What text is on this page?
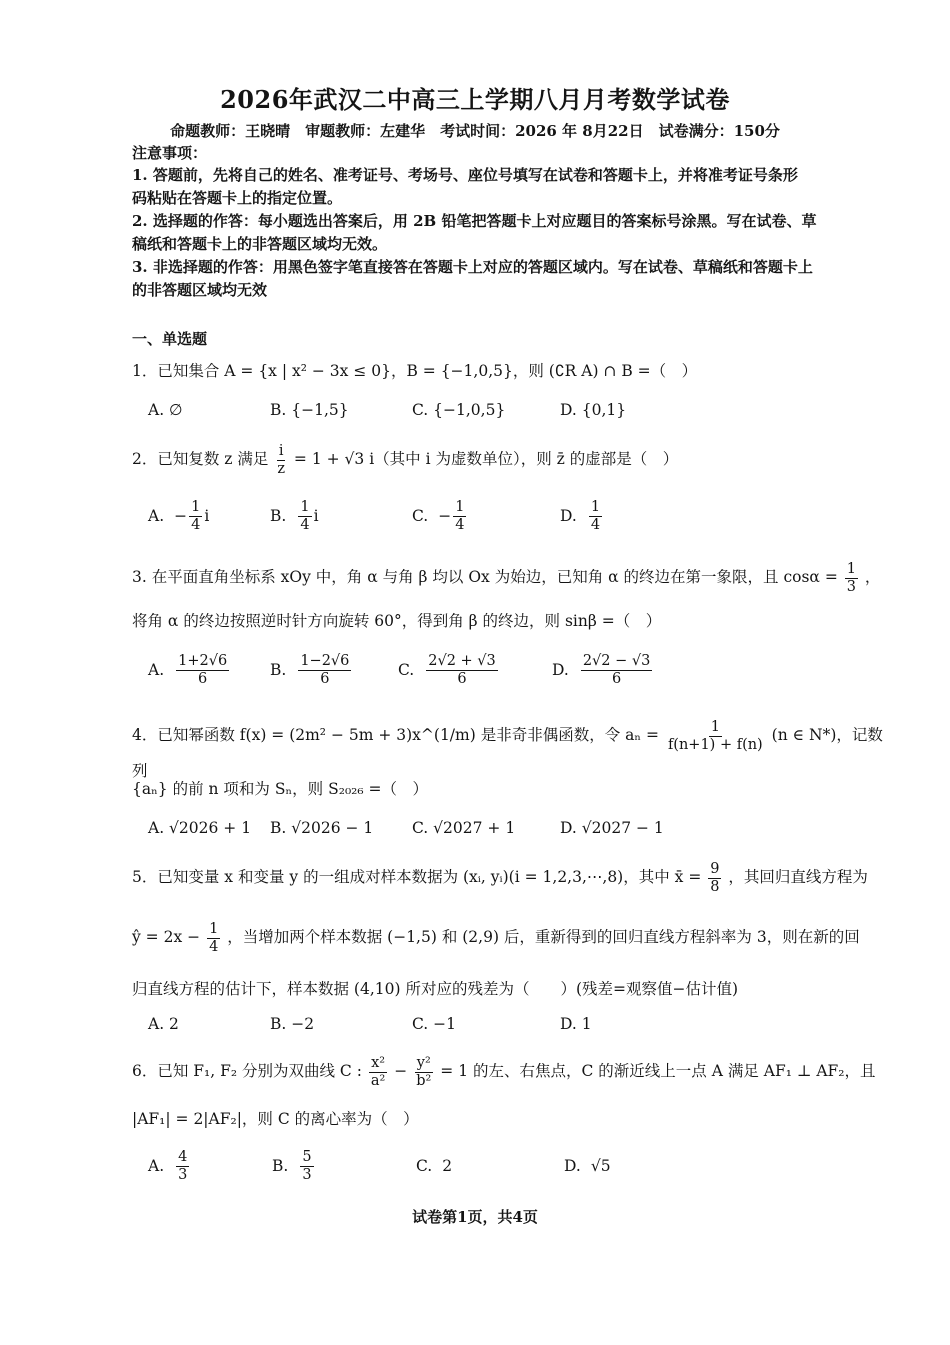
2026年武汉二中高三上学期八月月考数学试卷
命题教师：王晓晴　审题教师：左建华　考试时间：2026 年 8月22日　试卷满分：150分
注意事项：
1. 答题前，先将自己的姓名、准考证号、考场号、座位号填写在试卷和答题卡上，并将准考证号条形
码粘贴在答题卡上的指定位置。
2. 选择题的作答：每小题选出答案后，用 2B 铅笔把答题卡上对应题目的答案标号涂黑。写在试卷、草
稿纸和答题卡上的非答题区域均无效。
3. 非选择题的作答：用黑色签字笔直接答在答题卡上对应的答题区域内。写在试卷、草稿纸和答题卡上
的非答题区域均无效
一、单选题
1．已知集合 A = {x | x² − 3x ≤ 0}，B = {−1,0,5}，则 (∁R A) ∩ B =（　）
A. ∅	B. {−1,5}	C. {−1,0,5}	D. {0,1}
2．已知复数 z 满足 $\frac{i}{z} = 1 + √3$ i（其中 i 为虚数单位），则 z̄ 的虚部是（　）
A. − $\frac{1}{4}$ i	B. $\frac{1}{4}$ i	C. − $\frac{1}{4}$	D. $\frac{1}{4}$
3. 在平面直角坐标系 xOy 中，角 α 与角 β 均以 Ox 为始边，已知角 α 的终边在第一象限，且 $\cos\alpha = \frac{1}{3}$ ，
将角 α 的终边按照逆时针方向旋转 60°，得到角 β 的终边，则 sinβ =（　）
A. $\frac{1+2√6}{6}$	B. $\frac{1-2√6}{6}$	C. $\frac{2√2 + √3}{6}$	D. $\frac{2√2 - √3}{6}$
4．已知幂函数 f(x) = (2m² − 5m + 3)x^(1/m) 是非奇非偶函数，令 $a_n = \frac{1}{f(n+1) + f(n)} (n$ ∈ N*)，记数列
{aₙ} 的前 n 项和为 Sₙ，则 S₂₀₂₆ =（　）
A. √2026 + 1 B. √2026 − 1 C. √2027 + 1	D. √2027 − 1
5．已知变量 x 和变量 y 的一组成对样本数据为 (xᵢ, yᵢ)(i = 1,2,3,⋯,8)，其中 x̄ = $\frac{9}{8}$ ，其回归直线方程为
ŷ = $2x - \frac{1}{4}$ ，当增加两个样本数据 (−1,5) 和 (2,9) 后，重新得到的回归直线方程斜率为 3，则在新的回
归直线方程的估计下，样本数据 (4,10) 所对应的残差为（　　）(残差=观察值−估计值)
A. 2	B. −2	C. −1	D. 1
6．已知 F₁, F₂ 分别为双曲线 C : $\frac{\text{x²}}{\text{a²}} - \frac{\text{y²}}{\text{b²}} = 1$ 的左、右焦点，C 的渐近线上一点 A 满足 AF₁ ⊥ AF₂，且
|AF₁| = 2|AF₂|，则 C 的离心率为（　）
A. $\frac{4}{3}$	B. $\frac{5}{3}$	C. 2	D. √5
试卷第1页，共4页
